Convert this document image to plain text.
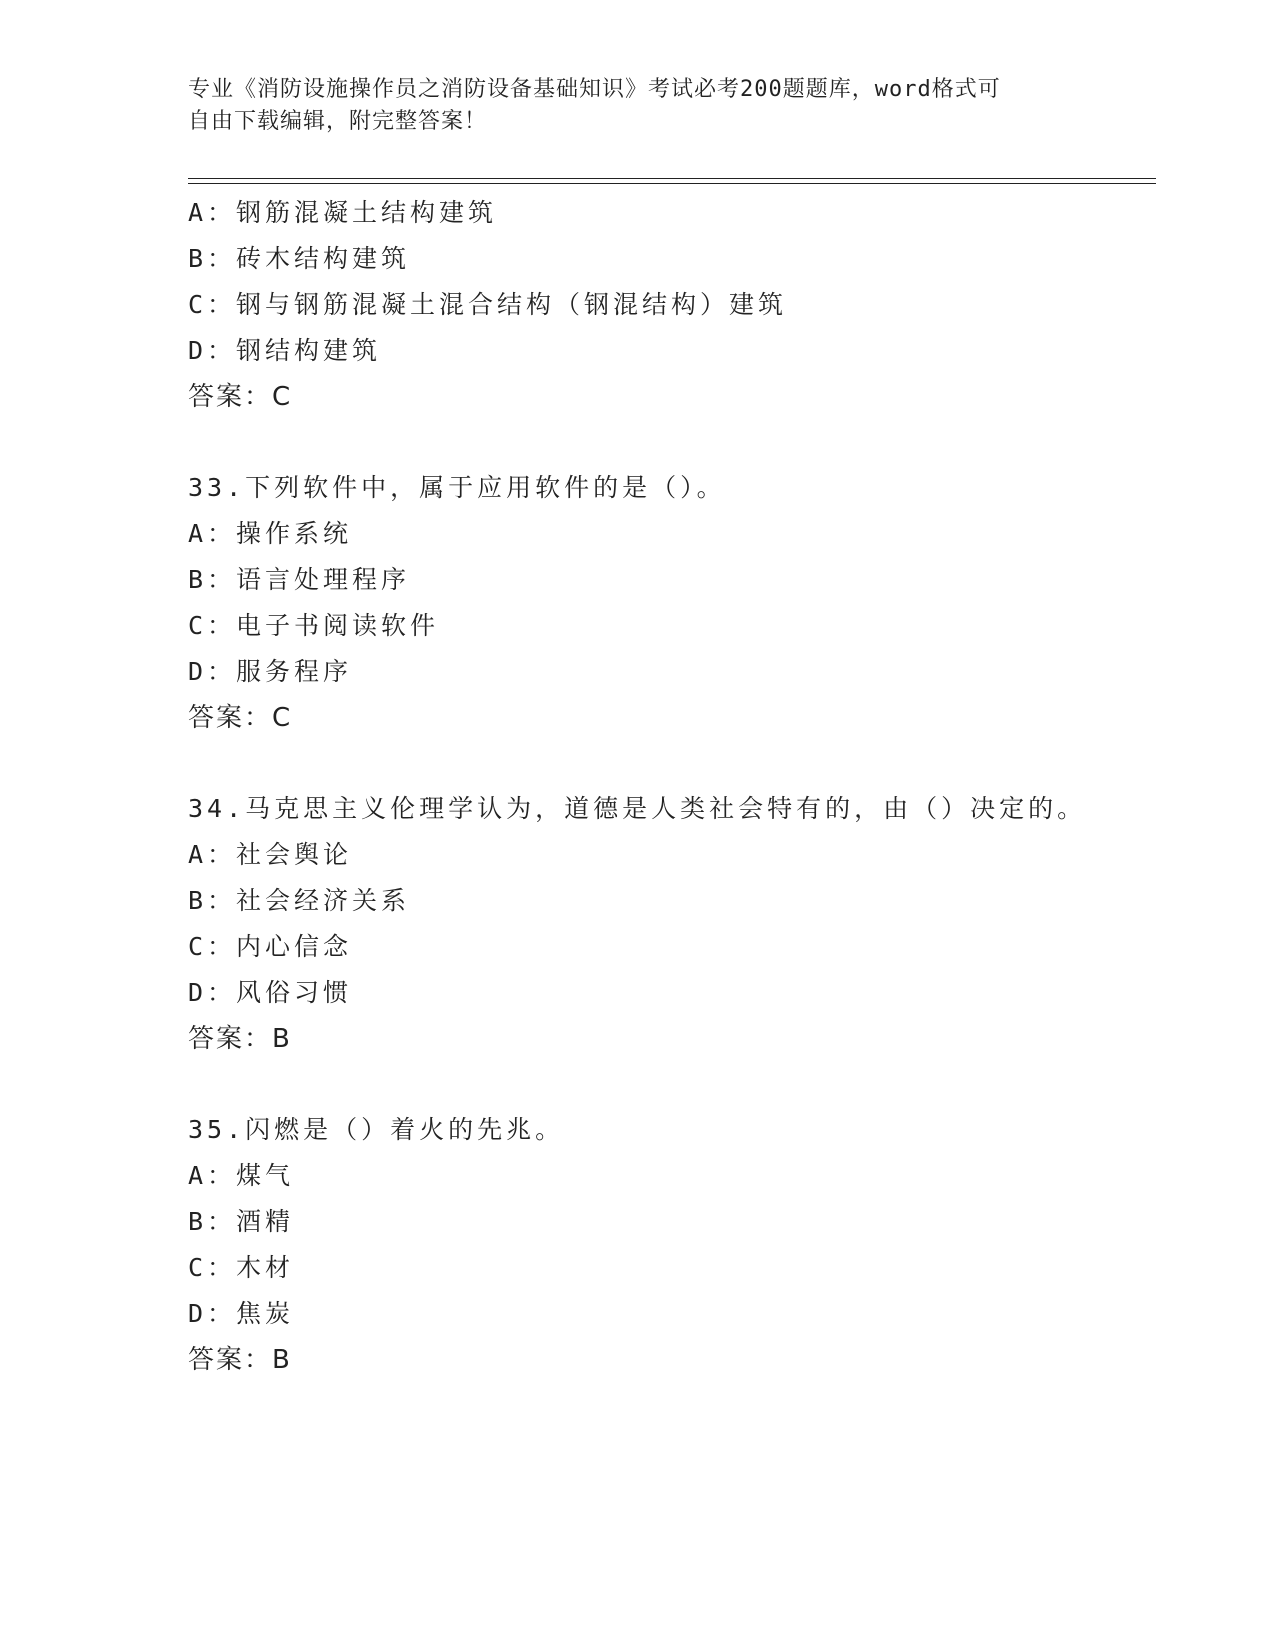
专业《消防设施操作员之消防设备基础知识》考试必考200题题库，word格式可
自由下载编辑，附完整答案！
A：钢筋混凝土结构建筑
B：砖木结构建筑
C：钢与钢筋混凝土混合结构（钢混结构）建筑
D：钢结构建筑
答案：C
33.下列软件中，属于应用软件的是（）。
A：操作系统
B：语言处理程序
C：电子书阅读软件
D：服务程序
答案：C
34.马克思主义伦理学认为，道德是人类社会特有的，由（）决定的。
A：社会舆论
B：社会经济关系
C：内心信念
D：风俗习惯
答案：B
35.闪燃是（）着火的先兆。
A：煤气
B：酒精
C：木材
D：焦炭
答案：B
